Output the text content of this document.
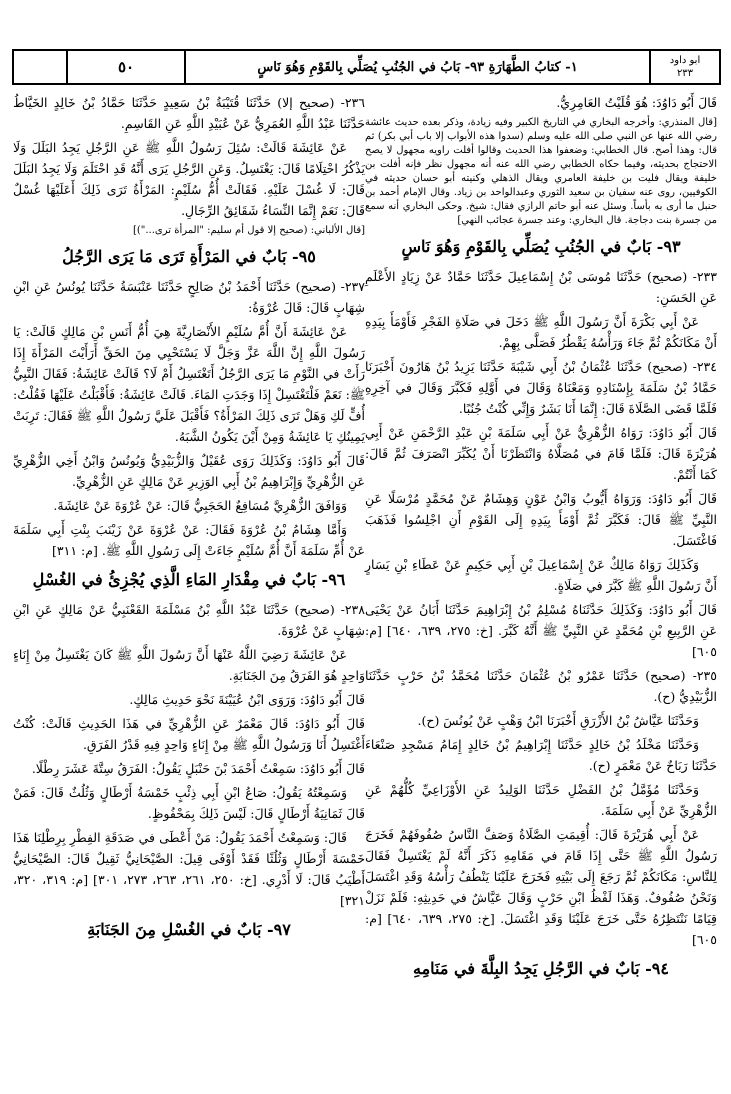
ابو داود
٢٣٣
١- كتابُ الطَّهَارَةِ ٩٣- بَابُ في الجُنُبِ يُصَلِّي بِالقَوْمِ وَهُوَ نَاسٍ
٥٠
قَالَ أَبُو دَاوُدَ: هُوَ قُلَيْتُ العَامِرِيُّ.
[قال المنذري: وأخرجه البخاري في التاريخ الكبير وفيه زيادة، وذكر بعده حديث عائشة رضي الله عنها عن النبي صلى الله عليه وسلم (سدوا هذه الأبواب إلا باب أبي بكر) ثم قال: وهذا أصح. قال الخطابي: وضعفوا هذا الحديث وقالوا أفلت راويه مجهول لا يصح الاحتجاج بحديثه، وفيما حكاه الخطابي رضي الله عنه أنه مجهول نظر فإنه أفلت بن خليفة ويقال فليت بن خليفة العامري ويقال الذهلي وكنيته أبو حسان حديثه في الكوفيين، روى عنه سفيان بن سعيد الثوري وعبدالواحد بن زياد. وقال الإمام أحمد بن حنبل ما أرى به بأساً. وسئل عنه أبو حاتم الرازي فقال: شيخ. وحكى البخاري أنه سمع من جسرة بنت دجاجة. قال البخاري: وعند جسرة عجائب النهي]
٩٣- بَابٌ في الجُنُبِ يُصَلِّي بِالقَوْمِ وَهُوَ نَاسٍ
٢٣٣- (صحيح) حَدَّثَنَا مُوسَى بْنُ إِسْمَاعِيلَ حَدَّثَنَا حَمَّادٌ عَنْ زِيَادٍ الأَعْلَمِ عَنِ الحَسَنِ:
عَنْ أَبِي بَكْرَةَ أَنَّ رَسُولَ اللَّهِ ﷺ دَخَلَ في صَلَاةِ الفَجْرِ فَأَوْمَأَ بِيَدِهِ أَنْ مَكَانَكُمْ ثُمَّ جَاءَ وَرَأْسُهُ يَقْطُرُ فَصَلَّى بِهِمْ.
٢٣٤- (صحيح) حَدَّثَنَا عُثْمَانُ بْنُ أَبِي شَيْبَةَ حَدَّثَنَا يَزِيدُ بْنُ هَارُونَ أَخْبَرَنَا حَمَّادُ بْنُ سَلَمَةَ بِإِسْنَادِهِ وَمَعْنَاهُ وَقَالَ في أَوَّلِهِ فَكَبَّرَ وَقَالَ في آخِرِهِ فَلَمَّا قَضَى الصَّلَاةَ قَالَ: إِنَّمَا أَنَا بَشَرٌ وَإِنِّي كُنْتُ جُنُبًا.
قَالَ أَبُو دَاوُدَ: رَوَاهُ الزُّهْرِيُّ عَنْ أَبِي سَلَمَةَ بْنِ عَبْدِ الرَّحْمَنِ عَنْ أَبِي هُرَيْرَةَ قَالَ: فَلَمَّا قَامَ في مُصَلَّاهُ وَانْتَظَرْنَا أَنْ يُكَبِّرَ انْصَرَفَ ثُمَّ قَالَ: كَمَا أَنْتُمْ.
قَالَ أَبُو دَاوُدَ: وَرَوَاهُ أَيُّوبُ وَابْنُ عَوْنٍ وَهِشَامٌ عَنْ مُحَمَّدٍ مُرْسَلًا عَنِ النَّبِيِّ ﷺ قَالَ: فَكَبَّرَ ثُمَّ أَوْمَأَ بِيَدِهِ إِلَى القَوْمِ أَنِ اجْلِسُوا فَذَهَبَ فَاغْتَسَلَ.
وَكَذَلِكَ رَوَاهُ مَالِكٌ عَنْ إِسْمَاعِيلَ بْنِ أَبِي حَكِيمٍ عَنْ عَطَاءِ بْنِ يَسَارٍ أَنَّ رَسُولَ اللَّهِ ﷺ كَبَّرَ في صَلَاةٍ.
قَالَ أَبُو دَاوُدَ: وَكَذَلِكَ حَدَّثَنَاهُ مُسْلِمُ بْنُ إِبْرَاهِيمَ حَدَّثَنَا أَبَانُ عَنْ يَحْيَى عَنِ الرَّبِيعِ بْنِ مُحَمَّدٍ عَنِ النَّبِيِّ ﷺ أَنَّهُ كَبَّرَ. [خ: ٢٧٥، ٦٣٩، ٦٤٠] [م: ٦٠٥]
٢٣٥- (صحيح) حَدَّثَنَا عَمْرُو بْنُ عُثْمَانَ حَدَّثَنَا مُحَمَّدُ بْنُ حَرْبٍ حَدَّثَنَا الزُّبَيْدِيُّ (ح).
وَحَدَّثَنَا عَيَّاشُ بْنُ الأَزْرَقِ أَخْبَرَنَا ابْنُ وَهْبٍ عَنْ يُونُسَ (ح).
وَحَدَّثَنَا مَخْلَدُ بْنُ خَالِدٍ حَدَّثَنَا إِبْرَاهِيمُ بْنُ خَالِدٍ إِمَامُ مَسْجِدِ صَنْعَاءَ حَدَّثَنَا رَبَاحٌ عَنْ مَعْمَرٍ (ح).
وَحَدَّثَنَا مُؤَمَّلُ بْنُ الفَضْلِ حَدَّثَنَا الوَلِيدُ عَنِ الأَوْزَاعِيِّ كُلُّهُمْ عَنِ الزُّهْرِيِّ عَنْ أَبِي سَلَمَةَ.
عَنْ أَبِي هُرَيْرَةَ قَالَ: أُقِيمَتِ الصَّلَاةُ وَصَفَّ النَّاسُ صُفُوفَهُمْ فَخَرَجَ رَسُولُ اللَّهِ ﷺ حَتَّى إِذَا قَامَ في مَقَامِهِ ذَكَرَ أَنَّهُ لَمْ يَغْتَسِلْ فَقَالَ لِلنَّاسِ: مَكَانَكُمْ ثُمَّ رَجَعَ إِلَى بَيْتِهِ فَخَرَجَ عَلَيْنَا يَنْطُفُ رَأْسُهُ وَقَدِ اغْتَسَلَ وَنَحْنُ صُفُوفٌ. وَهَذَا لَفْظُ ابْنِ حَرْبٍ وَقَالَ عَيَّاشٌ في حَدِيثِهِ: فَلَمْ نَزَلْ قِيَامًا نَنْتَظِرُهُ حَتَّى خَرَجَ عَلَيْنَا وَقَدِ اغْتَسَلَ. [خ: ٢٧٥، ٦٣٩، ٦٤٠] [م: ٦٠٥]
٩٤- بَابٌ في الرَّجُلِ يَجِدُ البِلَّةَ في مَنَامِهِ
٢٣٦- (صحيح إلا) حَدَّثَنَا قُتَيْبَةُ بْنُ سَعِيدٍ حَدَّثَنَا حَمَّادُ بْنُ خَالِدٍ الخَيَّاطُ حَدَّثَنَا عَبْدُ اللَّهِ العُمَرِيُّ عَنْ عُبَيْدِ اللَّهِ عَنِ القَاسِمِ.
عَنْ عَائِشَةَ قَالَتْ: سُئِلَ رَسُولُ اللَّهِ ﷺ عَنِ الرَّجُلِ يَجِدُ البَلَلَ وَلَا يَذْكُرُ احْتِلَامًا قَالَ: يَغْتَسِلُ. وَعَنِ الرَّجُلِ يَرَى أَنَّهُ قَدِ احْتَلَمَ وَلَا يَجِدُ البَلَلَ قَالَ: لَا غُسْلَ عَلَيْهِ. فَقَالَتْ أُمُّ سُلَيْمٍ: المَرْأَةُ تَرَى ذَلِكَ أَعَلَيْهَا غُسْلٌ قَالَ: نَعَمْ إِنَّمَا النِّسَاءُ شَقَائِقُ الرِّجَالِ.
[قال الألباني: (صحيح إلا قول أم سليم: "المرأة ترى...")]
٩٥- بَابٌ في المَرْأَةِ تَرَى مَا يَرَى الرَّجُلُ
٢٣٧- (صحيح) حَدَّثَنَا أَحْمَدُ بْنُ صَالِحٍ حَدَّثَنَا عَنْبَسَةُ حَدَّثَنَا يُونُسُ عَنِ ابْنِ شِهَابٍ قَالَ: قَالَ عُرْوَةُ:
عَنْ عَائِشَةَ أَنَّ أُمَّ سُلَيْمٍ الأَنْصَارِيَّةَ هِيَ أُمُّ أَنَسِ بْنِ مَالِكٍ قَالَتْ: يَا رَسُولَ اللَّهِ إِنَّ اللَّهَ عَزَّ وَجَلَّ لَا يَسْتَحْيِي مِنَ الحَقِّ أَرَأَيْتَ المَرْأَةَ إِذَا رَأَتْ في النَّوْمِ مَا يَرَى الرَّجُلُ أَتَغْتَسِلُ أَمْ لَا؟ قَالَتْ عَائِشَةُ: فَقَالَ النَّبِيُّ ﷺ: نَعَمْ فَلْتَغْتَسِلْ إِذَا وَجَدَتِ المَاءَ. قَالَتْ عَائِشَةُ: فَأَقْبَلْتُ عَلَيْهَا فَقُلْتُ: أُفٍّ لَكِ وَهَلْ تَرَى ذَلِكَ المَرْأَةُ؟ فَأَقْبَلَ عَلَيَّ رَسُولُ اللَّهِ ﷺ فَقَالَ: تَرِبَتْ يَمِينُكِ يَا عَائِشَةُ وَمِنْ أَيْنَ يَكُونُ الشَّبَهُ.
قَالَ أَبُو دَاوُدَ: وَكَذَلِكَ رَوَى عُقَيْلٌ وَالزُّبَيْدِيُّ وَيُونُسُ وَابْنُ أَخِي الزُّهْرِيِّ عَنِ الزُّهْرِيِّ وَإِبْرَاهِيمُ بْنُ أَبِي الوَزِيرِ عَنْ مَالِكٍ عَنِ الزُّهْرِيِّ.
وَوَافَقَ الزُّهْرِيَّ مُسَافِعٌ الحَجَبِيُّ قَالَ: عَنْ عُرْوَةَ عَنْ عَائِشَةَ.
وَأَمَّا هِشَامُ بْنُ عُرْوَةَ فَقَالَ: عَنْ عُرْوَةَ عَنْ زَيْنَبَ بِنْتِ أَبِي سَلَمَةَ عَنْ أُمِّ سَلَمَةَ أَنَّ أُمَّ سُلَيْمٍ جَاءَتْ إِلَى رَسُولِ اللَّهِ ﷺ. [م: ٣١١]
٩٦- بَابٌ في مِقْدَارِ المَاءِ الَّذِي يُجْزِئُ في الغُسْلِ
٢٣٨- (صحيح) حَدَّثَنَا عَبْدُ اللَّهِ بْنُ مَسْلَمَةَ القَعْنَبِيُّ عَنْ مَالِكٍ عَنِ ابْنِ شِهَابٍ عَنْ عُرْوَةَ.
عَنْ عَائِشَةَ رَضِيَ اللَّهُ عَنْهَا أَنَّ رَسُولَ اللَّهِ ﷺ كَانَ يَغْتَسِلُ مِنْ إِنَاءٍ وَاحِدٍ هُوَ الفَرَقُ مِنَ الجَنَابَةِ.
قَالَ أَبُو دَاوُدَ: وَرَوَى ابْنُ عُيَيْنَةَ نَحْوَ حَدِيثِ مَالِكٍ.
قَالَ أَبُو دَاوُدَ: قَالَ مَعْمَرٌ عَنِ الزُّهْرِيِّ في هَذَا الحَدِيثِ قَالَتْ: كُنْتُ أَغْتَسِلُ أَنَا وَرَسُولُ اللَّهِ ﷺ مِنْ إِنَاءٍ وَاحِدٍ فِيهِ قَدْرُ الفَرَقِ.
قَالَ أَبُو دَاوُدَ: سَمِعْتُ أَحْمَدَ بْنَ حَنْبَلٍ يَقُولُ: الفَرَقُ سِتَّةَ عَشَرَ رِطْلًا.
وَسَمِعْتُهُ يَقُولُ: صَاعُ ابْنِ أَبِي ذِئْبٍ خَمْسَةُ أَرْطَالٍ وَثُلُثٌ قَالَ: فَمَنْ قَالَ ثَمَانِيَةُ أَرْطَالٍ قَالَ: لَيْسَ ذَلِكَ بِمَحْفُوظٍ.
قَالَ: وَسَمِعْتُ أَحْمَدَ يَقُولُ: مَنْ أَعْطَى في صَدَقَةِ الفِطْرِ بِرِطْلِنَا هَذَا خَمْسَةَ أَرْطَالٍ وَثُلُثًا فَقَدْ أَوْفَى قِيلَ: الصَّيْحَانِيُّ ثَقِيلٌ قَالَ: الصَّيْحَانِيُّ أَطْيَبُ قَالَ: لَا أَدْرِي. [خ: ٢٥٠، ٢٦١، ٢٦٣، ٢٧٣، ٣٠١] [م: ٣١٩، ٣٢٠، ٣٢١]
٩٧- بَابٌ في الغُسْلِ مِنَ الجَنَابَةِ
